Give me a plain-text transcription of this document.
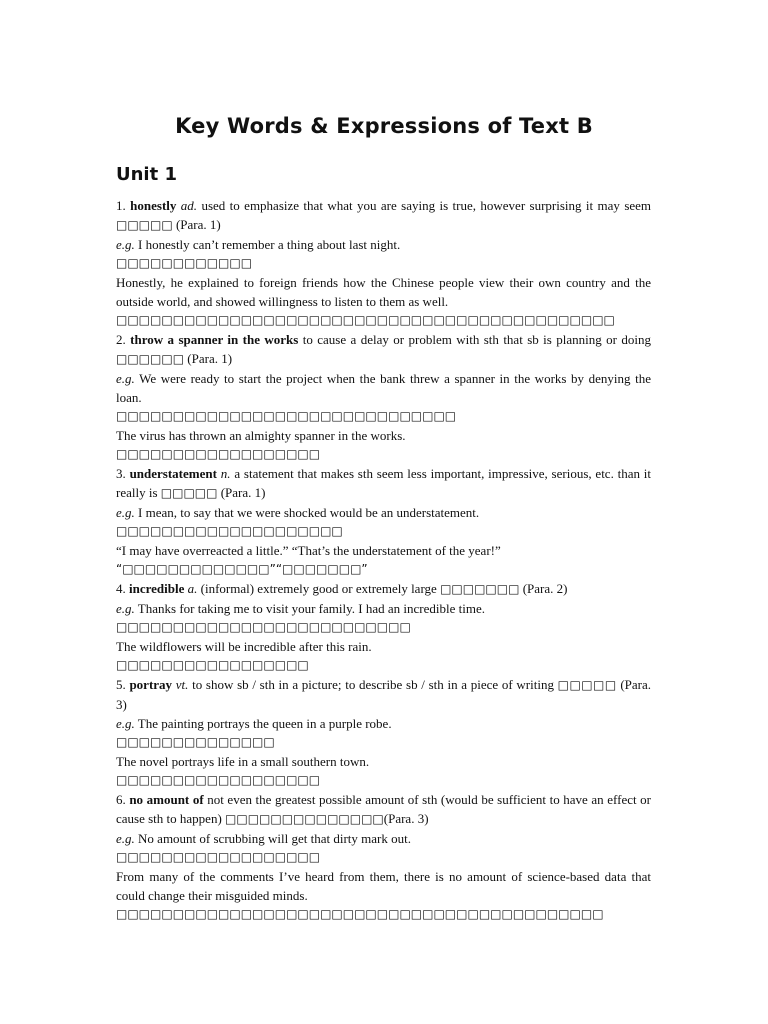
Key Words & Expressions of Text B
Unit 1

1. honestly ad. used to emphasize that what you are saying is true, however surprising it may seem □□□□□ (Para. 1)

e.g. I honestly can’t remember a thing about last night.

□□□□□□□□□□□□

Honestly, he explained to foreign friends how the Chinese people view their own country and the outside world, and showed willingness to listen to them as well.

□□□□□□□□□□□□□□□□□□□□□□□□□□□□□□□□□□□□□□□□□□□□

2. throw a spanner in the works to cause a delay or problem with sth that sb is planning or doing □□□□□□ (Para. 1)

e.g. We were ready to start the project when the bank threw a spanner in the works by denying the loan.

□□□□□□□□□□□□□□□□□□□□□□□□□□□□□□

The virus has thrown an almighty spanner in the works.

□□□□□□□□□□□□□□□□□□

3. understatement n. a statement that makes sth seem less important, impressive, serious, etc. than it really is □□□□□ (Para. 1)

e.g. I mean, to say that we were shocked would be an understatement.

□□□□□□□□□□□□□□□□□□□□

“I may have overreacted a little.” “That’s the understatement of the year!”

“□□□□□□□□□□□□□”“□□□□□□□”

4. incredible a. (informal) extremely good or extremely large □□□□□□□ (Para. 2)

e.g. Thanks for taking me to visit your family. I had an incredible time.

□□□□□□□□□□□□□□□□□□□□□□□□□□

The wildflowers will be incredible after this rain.

□□□□□□□□□□□□□□□□□

5. portray vt. to show sb / sth in a picture; to describe sb / sth in a piece of writing □□□□□ (Para. 3)

e.g. The painting portrays the queen in a purple robe.

□□□□□□□□□□□□□□

The novel portrays life in a small southern town.

□□□□□□□□□□□□□□□□□□

6. no amount of not even the greatest possible amount of sth (would be sufficient to have an effect or cause sth to happen) □□□□□□□□□□□□□□(Para. 3)

e.g. No amount of scrubbing will get that dirty mark out.

□□□□□□□□□□□□□□□□□□

From many of the comments I’ve heard from them, there is no amount of science-based data that could change their misguided minds.

□□□□□□□□□□□□□□□□□□□□□□□□□□□□□□□□□□□□□□□□□□□
